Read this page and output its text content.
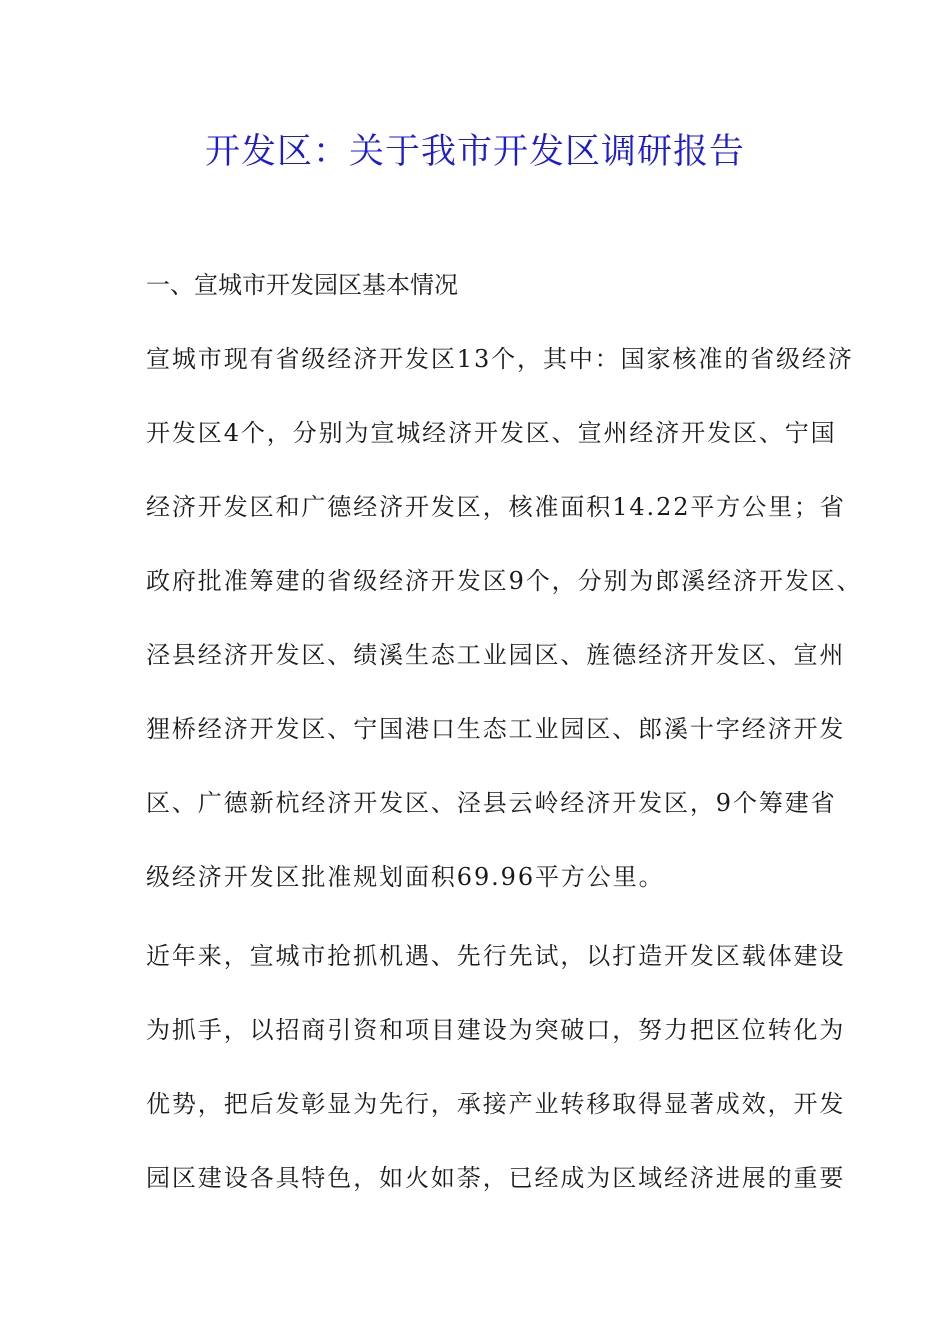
开发区：关于我市开发区调研报告
一、宣城市开发园区基本情况
宣城市现有省级经济开发区13个，其中：国家核准的省级经济
开发区4个，分别为宣城经济开发区、宣州经济开发区、宁国
经济开发区和广德经济开发区，核准面积14.22平方公里；省
政府批准筹建的省级经济开发区9个，分别为郎溪经济开发区、
泾县经济开发区、绩溪生态工业园区、旌德经济开发区、宣州
狸桥经济开发区、宁国港口生态工业园区、郎溪十字经济开发
区、广德新杭经济开发区、泾县云岭经济开发区，9个筹建省
级经济开发区批准规划面积69.96平方公里。
近年来，宣城市抢抓机遇、先行先试，以打造开发区载体建设
为抓手，以招商引资和项目建设为突破口，努力把区位转化为
优势，把后发彰显为先行，承接产业转移取得显著成效，开发
园区建设各具特色，如火如荼，已经成为区域经济进展的重要
